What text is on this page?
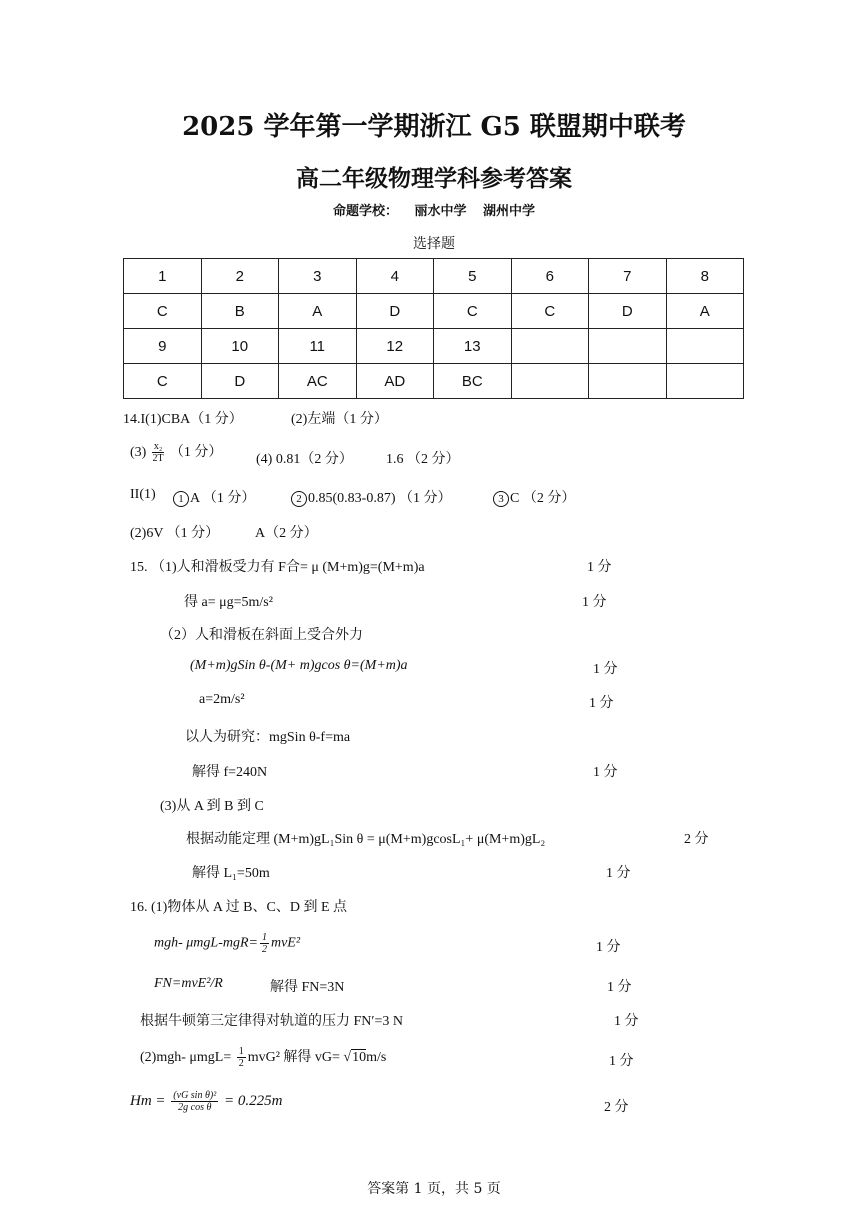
2025 学年第一学期浙江 G5 联盟期中联考
高二年级物理学科参考答案
命题学校： 丽水中学 湖州中学
选择题
1	2	3	4	5	6	7	8
C	B	A	D	C	C	D	A
9	10	11	12	13			
C	D	AC	AD	BC			
14.I(1)CBA（1 分）	(2)左端（1 分）
$(3) \frac{\text{x₂}}{2T} (1$ 分） (4) 0.81（2 分） 1.6 （2 分）
II(1)	1 A （1 分）	2 0.85(0.83-0.87) （1 分）	3 C （2 分）
(2)6V （1 分）	A（2 分）
15. （1)人和滑板受力有 F合= μ (M+m)g=(M+m)a	1 分
得 a= μg=5m/s²	1 分
（2）人和滑板在斜面上受合外力
(M+m)gSin θ-(M+ m)gcos θ=(M+m)a	1 分
a=2m/s²	1 分
以人为研究：mgSin θ-f=ma
解得 f=240N	1 分
(3)从 A 到 B 到 C
根据动能定理 (M+m)gL₁Sin θ = μ(M+m)gcosL₁+ μ(M+m)gL₂	2 分
解得 L₁=50m	1 分
16. (1)物体从 A 过 B、C、D 到 E 点
mgh- $\mu mgL-mgR= \frac{1}{2} mvE^2$	1 分
FN=mvE²/R	解得 FN=3N	1 分
根据牛顿第三定律得对轨道的压力 FN′=3 N	1 分
(2)mgh- $\mu mgL= \frac{1}{2} mvG^2$ 解得 vG= √10m/s	1 分
$Hm = \frac{\text{(vG sin θ)²}}{\text{2g cos θ}} = 0.225m$	2 分
答案第 1 页，共 5 页
